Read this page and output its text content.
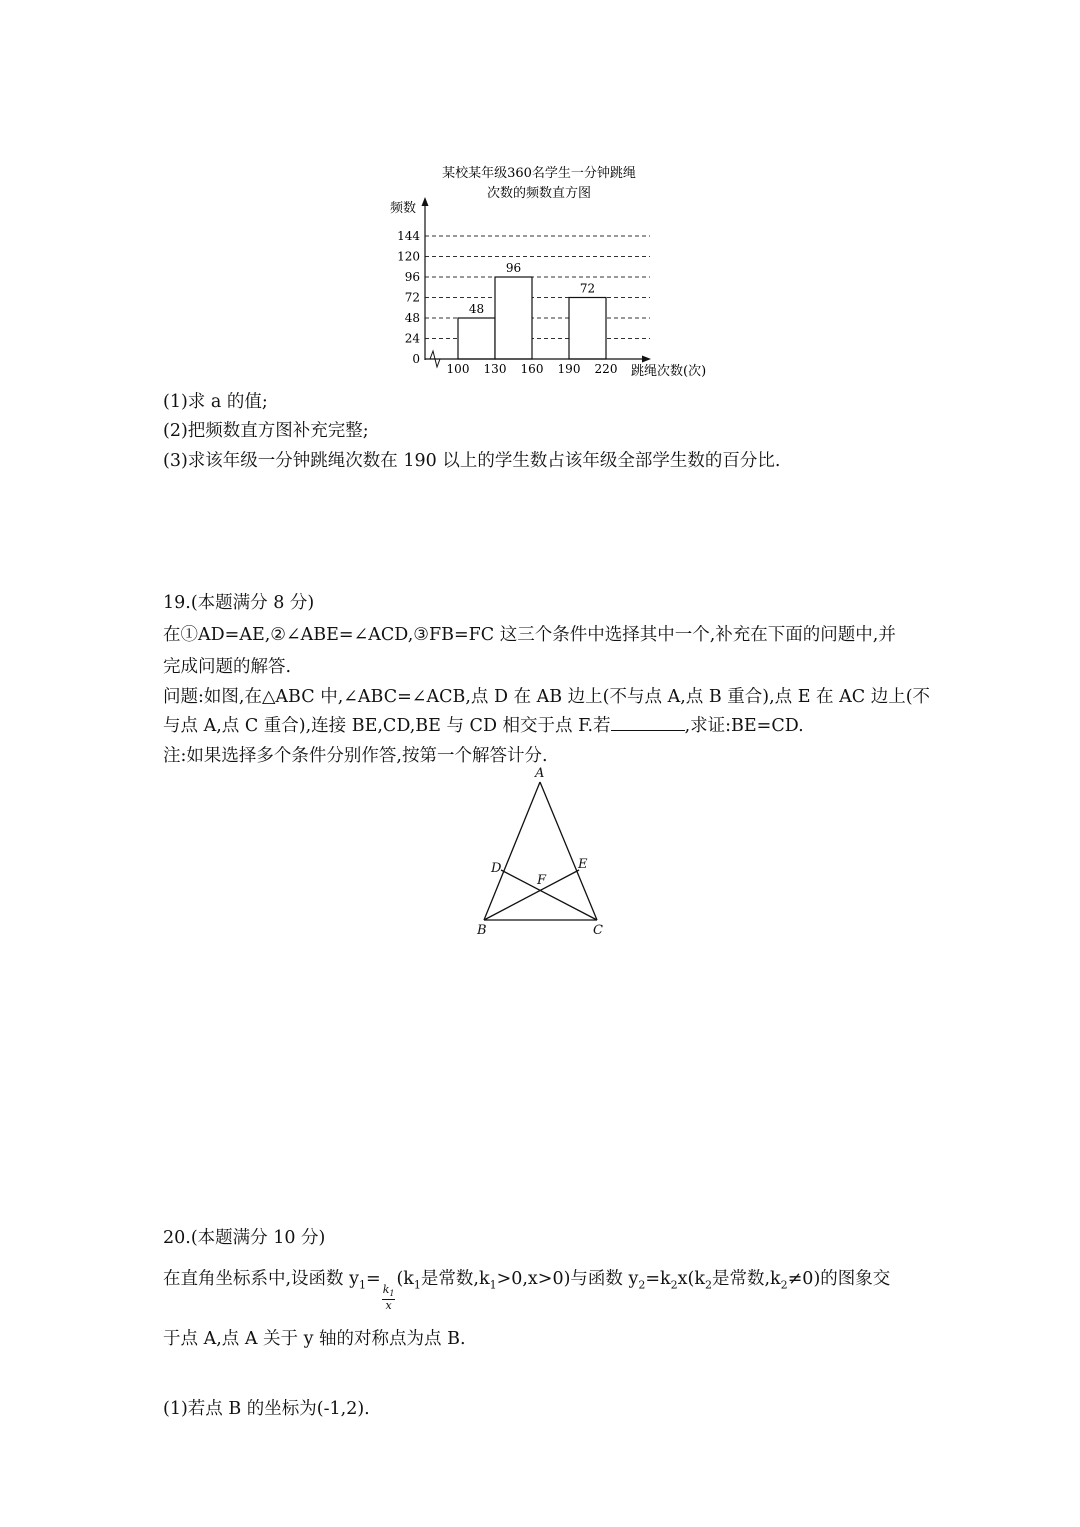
某校某年级360名学生一分钟跳绳
次数的频数直方图
频数
跳绳次数(次)
0
24
48
72
96
120
144
100 130 160 190 220
48
96
72
(1)求 a 的值;
(2)把频数直方图补充完整;
(3)求该年级一分钟跳绳次数在 190 以上的学生数占该年级全部学生数的百分比.
19.(本题满分 8 分)
在①AD=AE,②∠ABE=∠ACD,③FB=FC 这三个条件中选择其中一个,补充在下面的问题中,并
完成问题的解答.
问题:如图,在△ABC 中,∠ABC=∠ACB,点 D 在 AB 边上(不与点 A,点 B 重合),点 E 在 AC 边上(不
与点 A,点 C 重合),连接 BE,CD,BE 与 CD 相交于点 F.若	,求证:BE=CD.
注:如果选择多个条件分别作答,按第一个解答计分.
A
B	C
D	E
F
20.(本题满分 10 分)
在直角坐标系中,设函数 $y_1=$
$\frac{k_1}{x}$
($k_1$是常数$,k_1>0,x>0$)与函数 $y_2=k_2x(k_2$是常数$,k_2\ne 0$)的图象交
于点 A,点 A 关于 y 轴的对称点为点 B.
(1)若点 B 的坐标为(-1,2).
